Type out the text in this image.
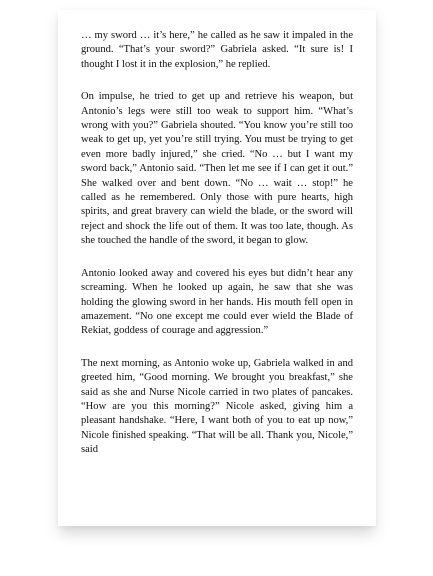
… my sword … it’s here,” he called as he saw it impaled in the ground. “That’s your sword?” Gabriela asked. “It sure is! I thought I lost it in the explosion,” he replied.

On impulse, he tried to get up and retrieve his weapon, but Antonio’s legs were still too weak to support him. “What’s wrong with you?” Gabriela shouted. “You know you’re still too weak to get up, yet you’re still trying. You must be trying to get even more badly injured,” she cried. “No … but I want my sword back,” Antonio said. “Then let me see if I can get it out.” She walked over and bent down. “No … wait … stop!” he called as he remembered. Only those with pure hearts, high spirits, and great bravery can wield the blade, or the sword will reject and shock the life out of them. It was too late, though. As she touched the handle of the sword, it began to glow.

Antonio looked away and covered his eyes but didn’t hear any screaming. When he looked up again, he saw that she was holding the glowing sword in her hands. His mouth fell open in amazement. “No one except me could ever wield the Blade of Rekiat, goddess of courage and aggression.”

The next morning, as Antonio woke up, Gabriela walked in and greeted him, “Good morning. We brought you breakfast,” she said as she and Nurse Nicole carried in two plates of pancakes. “How are you this morning?” Nicole asked, giving him a pleasant handshake. “Here, I want both of you to eat up now,” Nicole finished speaking. “That will be all. Thank you, Nicole,” said
